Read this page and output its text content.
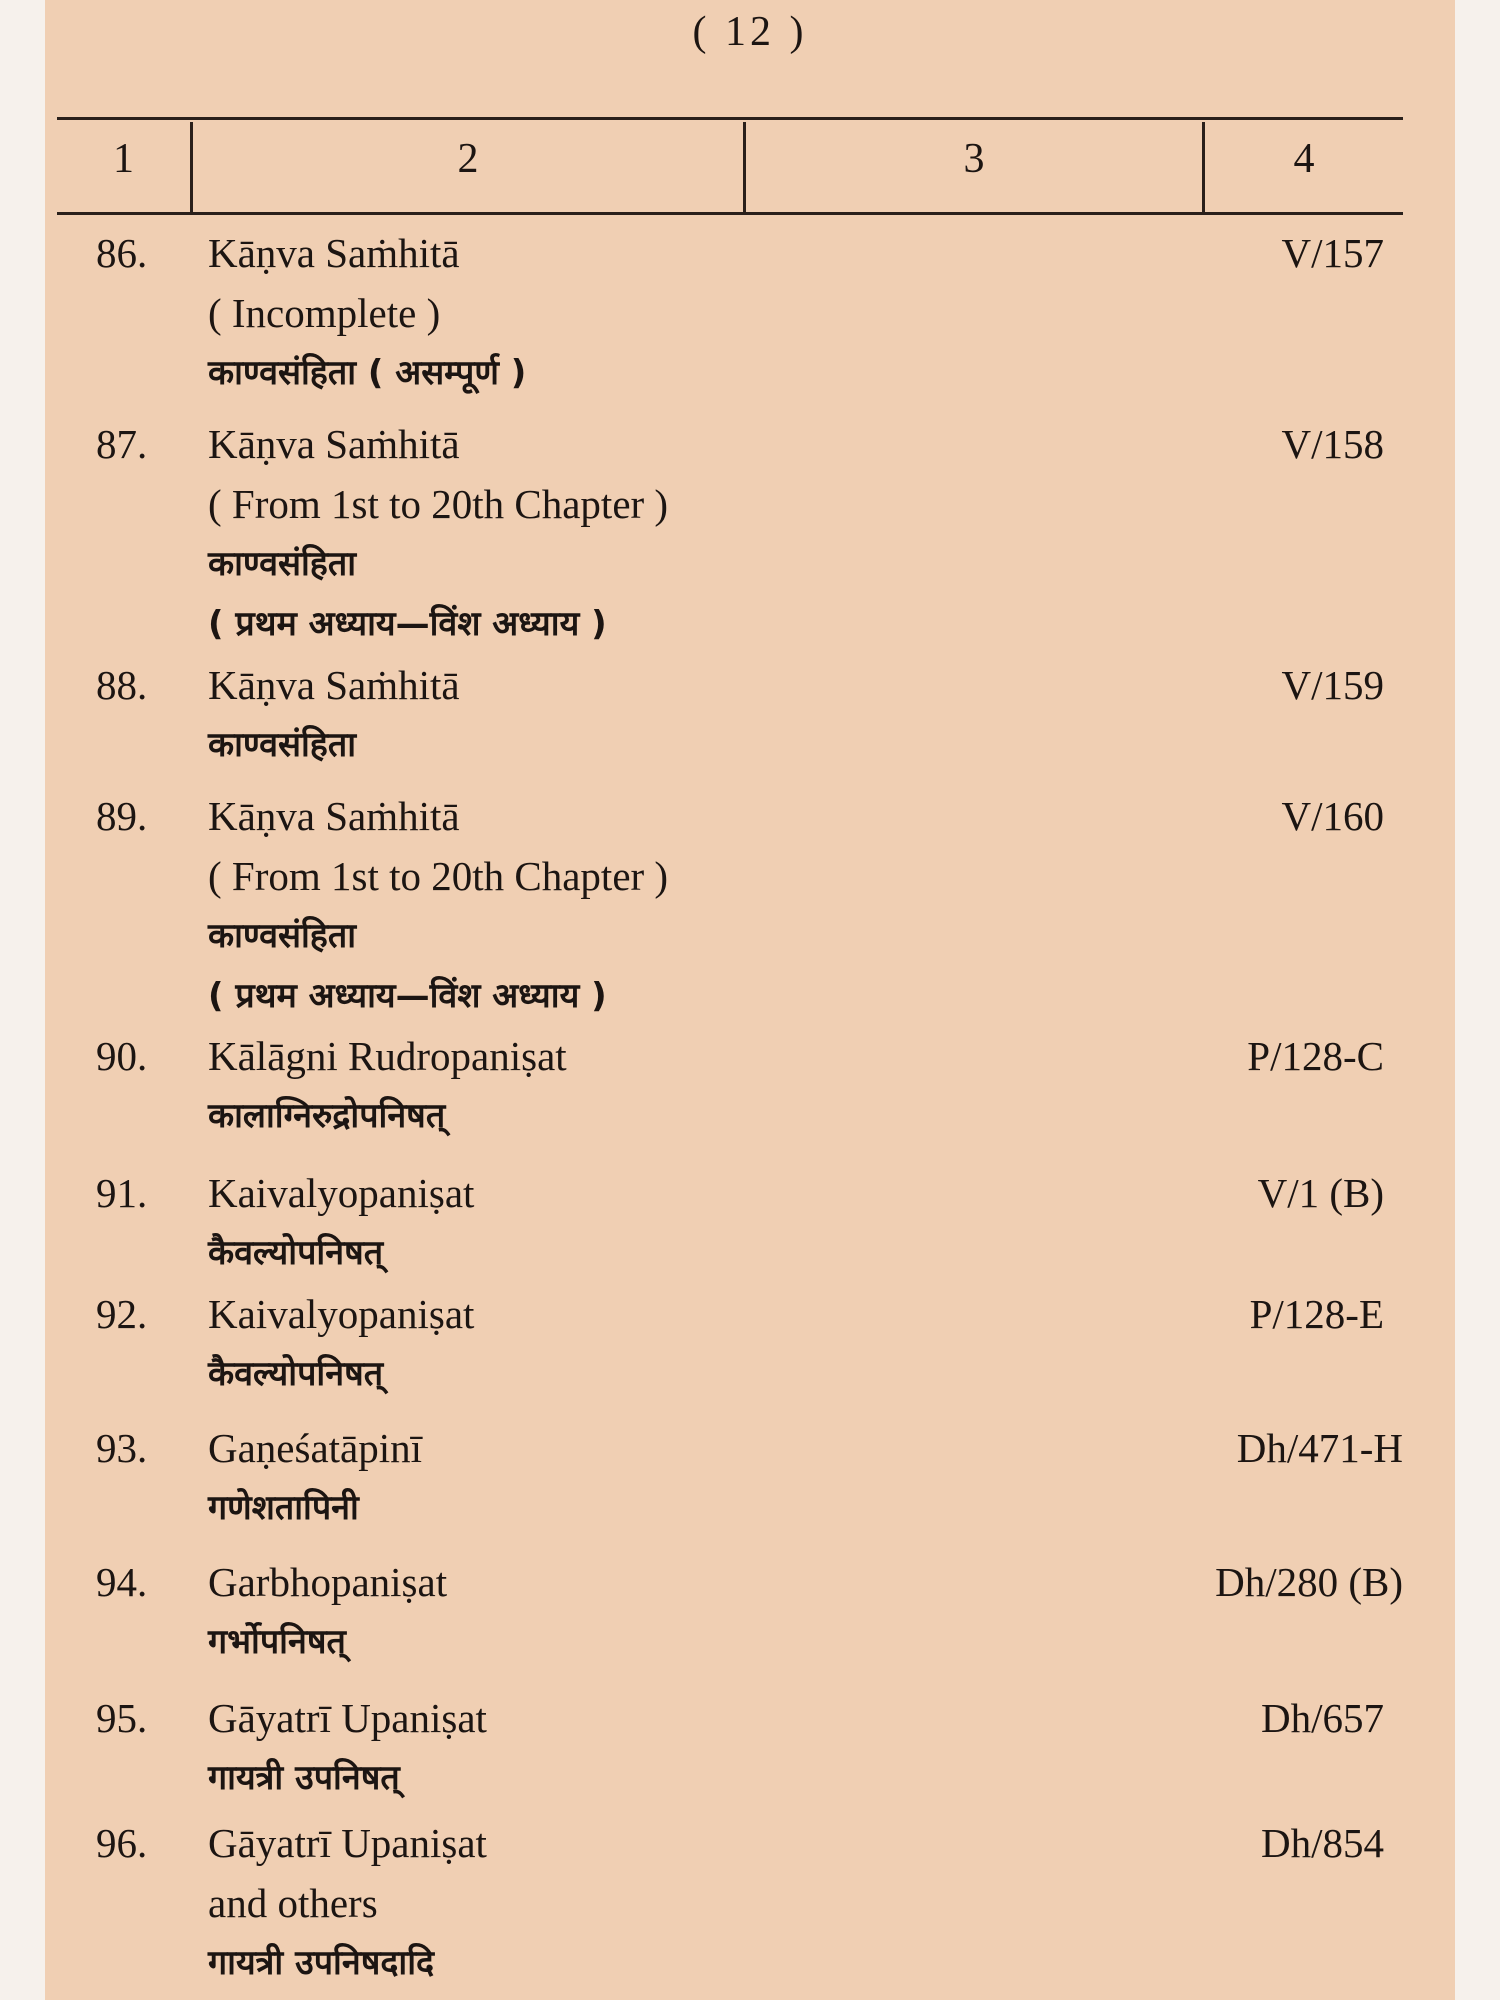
( 12 )
1	2	3	4
86. Kāṇva Saṁhitā
( Incomplete )
काण्वसंहिता ( असम्पूर्ण )
V/157
87. Kāṇva Saṁhitā
( From 1st to 20th Chapter )
काण्वसंहिता
( प्रथम अध्याय—विंश अध्याय )
V/158
88. Kāṇva Saṁhitā
काण्वसंहिता
V/159
89. Kāṇva Saṁhitā
( From 1st to 20th Chapter )
काण्वसंहिता
( प्रथम अध्याय—विंश अध्याय )
V/160
90. Kālāgni Rudropaniṣat
कालाग्निरुद्रोपनिषत्
P/128-C
91. Kaivalyopaniṣat
कैवल्योपनिषत्
V/1 (B)
92. Kaivalyopaniṣat
कैवल्योपनिषत्
P/128-E
93. Gaṇeśatāpinī
गणेशतापिनी
Dh/471-H
94. Garbhopaniṣat
गर्भोपनिषत्
Dh/280 (B)
95. Gāyatrī Upaniṣat
गायत्री उपनिषत्
Dh/657
96. Gāyatrī Upaniṣat
and others
गायत्री उपनिषदादि
Dh/854
